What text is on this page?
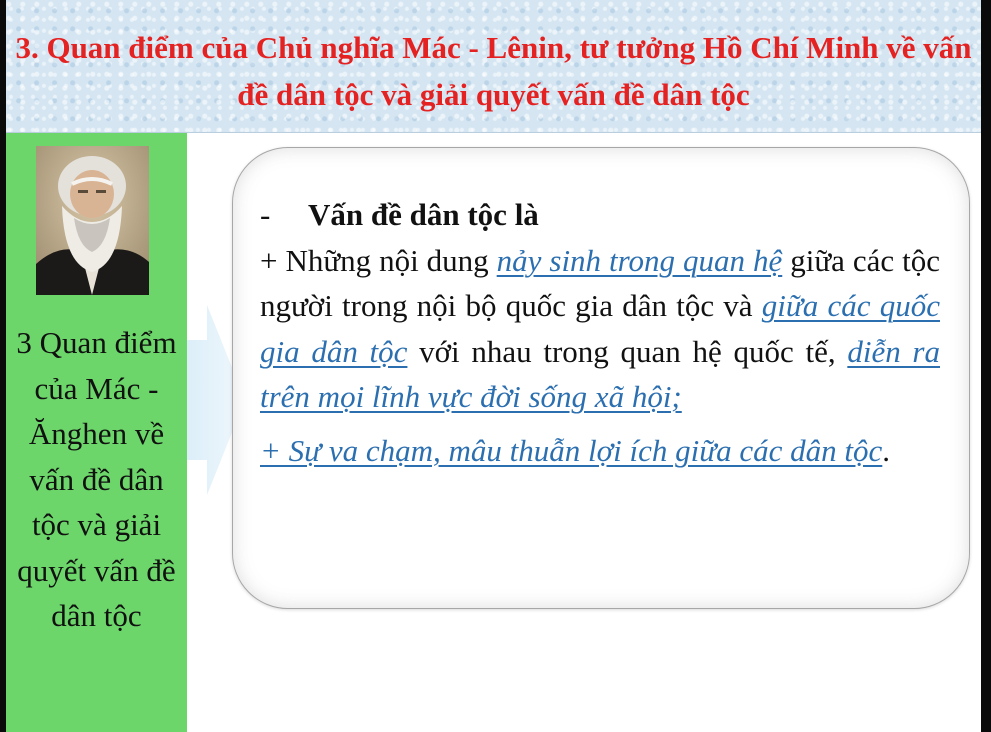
3. Quan điểm của Chủ nghĩa Mác - Lênin, tư tưởng Hồ Chí Minh về vấn đề dân tộc và giải quyết vấn đề dân tộc

3 Quan điểm của Mác - Ănghen về vấn đề dân tộc và giải quyết vấn đề dân tộc

- Vấn đề dân tộc là

+ Những nội dung nảy sinh trong quan hệ giữa các tộc người trong nội bộ quốc gia dân tộc và giữa các quốc gia dân tộc với nhau trong quan hệ quốc tế, diễn ra trên mọi lĩnh vực đời sống xã hội;

+ Sự va chạm, mâu thuẫn lợi ích giữa các dân tộc.
